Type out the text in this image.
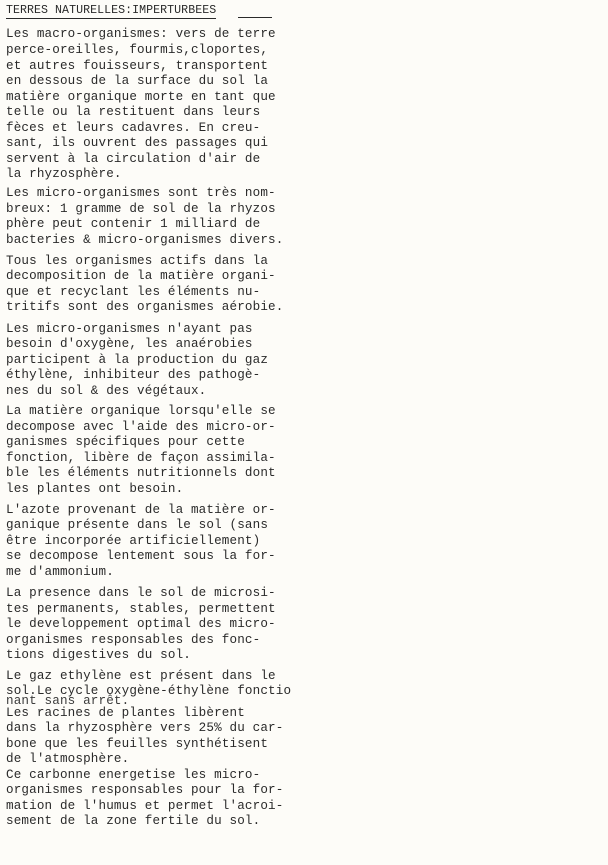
TERRES NATURELLES:IMPERTURBEES
Les macro-organismes: vers de terre
perce-oreilles, fourmis,cloportes,
et autres fouisseurs, transportent
en dessous de la surface du sol la
matière organique morte en tant que
telle ou la restituent dans leurs
fèces et leurs cadavres. En creu-
sant, ils ouvrent des passages qui
servent à la circulation d'air de
la rhyzosphère.
Les micro-organismes sont très nom-
breux: 1 gramme de sol de la rhyzos
phère peut contenir 1 milliard de
bacteries & micro-organismes divers.
Tous les organismes actifs dans la
decomposition de la matière organi-
que et recyclant les éléments nu-
tritifs sont des organismes aérobie.
Les micro-organismes n'ayant pas
besoin d'oxygène, les anaérobies
participent à la production du gaz
éthylène, inhibiteur des pathogè-
nes du sol & des végétaux.
La matière organique lorsqu'elle se
decompose avec l'aide des micro-or-
ganismes spécifiques pour cette
fonction, libère de façon assimila-
ble les éléments nutritionnels dont
les plantes ont besoin.
L'azote provenant de la matière or-
ganique présente dans le sol (sans
être incorporée artificiellement)
se decompose lentement sous la for-
me d'ammonium.
La presence dans le sol de microsi-
tes permanents, stables, permettent
le developpement optimal des micro-
organismes responsables des fonc-
tions digestives du sol.
Le gaz ethylène est présent dans le
sol.Le cycle oxygène-éthylène fonctio
nant sans arrêt.
Les racines de plantes libèrent
dans la rhyzosphère vers 25% du car-
bone que les feuilles synthétisent
de l'atmosphère.
Ce carbonne energetise les micro-
organismes responsables pour la for-
mation de l'humus et permet l'acroi-
sement de la zone fertile du sol.
